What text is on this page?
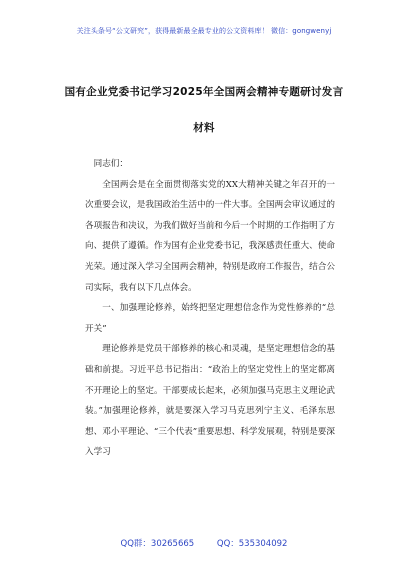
关注头条号“公文研究”，获得最新最全最专业的公文资料库！ 微信：gongwenyj
国有企业党委书记学习2025年全国两会精神专题研讨发言
材料

同志们：

全国两会是在全面贯彻落实党的XX大精神关键之年召开的一次重要会议，是我国政治生活中的一件大事。全国两会审议通过的各项报告和决议，为我们做好当前和今后一个时期的工作指明了方向、提供了遵循。作为国有企业党委书记，我深感责任重大、使命光荣。通过深入学习全国两会精神，特别是政府工作报告，结合公司实际，我有以下几点体会。

一、加强理论修养，始终把坚定理想信念作为党性修养的“总开关”

理论修养是党员干部修养的核心和灵魂，是坚定理想信念的基础和前提。习近平总书记指出：“政治上的坚定党性上的坚定都离不开理论上的坚定。干部要成长起来，必须加强马克思主义理论武装。”加强理论修养，就是要深入学习马克思列宁主义、毛泽东思想、邓小平理论、“三个代表”重要思想、科学发展观，特别是要深入学习

QQ群：30265665	QQ：535304092
